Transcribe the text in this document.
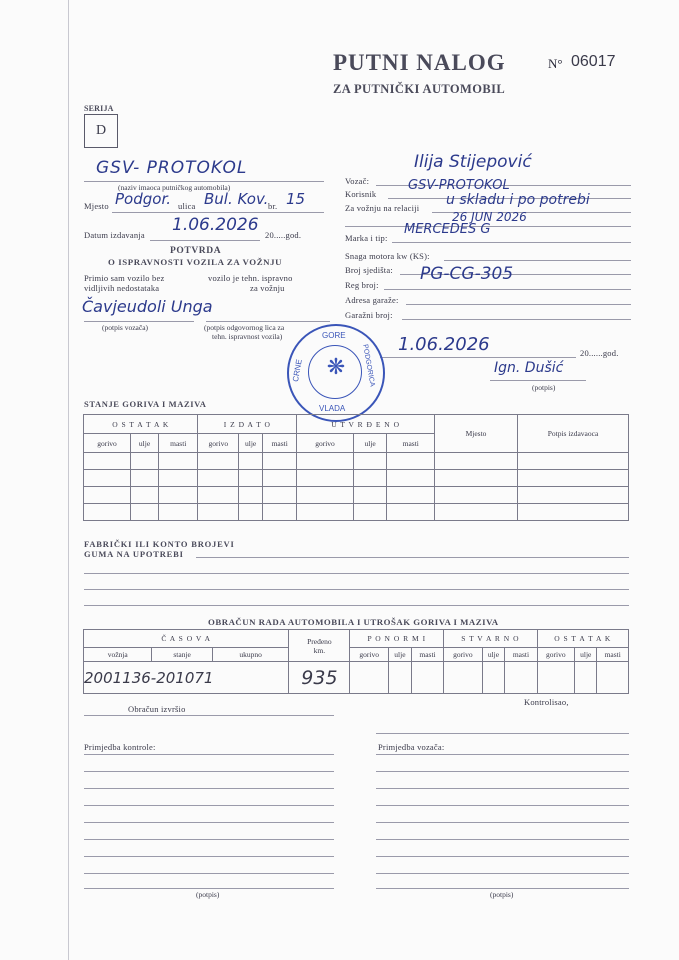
PUTNI NALOG	N° 06017
ZA PUTNIČKI AUTOMOBIL
SERIJA
D
GSV- PROTOKOL
(naziv imaoca putničkog automobila)
Mjesto Podgor. ulica Bul. Kov. br. 15
Datum izdavanja 1.06.2026 20.....god.
POTVRDA
O ISPRAVNOSTI VOZILA ZA VOŽNJU
Primio sam vozilo bez
vidljivih nedostataka
vozilo je tehn. ispravno
za vožnju
Čavjeudoli Unga
(potpis vozača)	(potpis odgovornog lica za
tehn. ispravnost vozila)
Vozač:
Ilija Stijepović
Korisnik
GSV-PROTOKOL
Za vožnju na relaciji u skladu i po potrebi
26 JUN 2026
Marka i tip:
MERCEDES G
Snaga motora kw (KS):
Broj sjedišta:
Reg broj:
PG-CG-305
Adresa garaže:
Garažni broj:
1.06.2026	20......god.
Ign. Dušić
(potpis)
❋
GORE
CRNE
VLADA
PODGORICA
STANJE GORIVA I MAZIVA
O S T A T A K			I Z D A T O			U T V R Đ E N O			Mjesto	Potpis izdavaoca
gorivo	ulje	masti	gorivo	ulje	masti	gorivo	ulje	masti		

FABRIČKI ILI KONTO BROJEVI
GUMA NA UPOTREBI
OBRAČUN RADA AUTOMOBILA I UTROŠAK GORIVA I MAZIVA
Č A S O V A			Pređeno
km.	P O N O R M I			S T V A R N O			O S T A T A K		
vožnja	stanje	ukupno		gorivo	ulje	masti	gorivo	ulje	masti	gorivo	ulje	masti
2001136-201071			935									
Obračun izvršio
Kontrolisao,
Primjedba kontrole:	Primjedba vozača:
(potpis)	(potpis)
